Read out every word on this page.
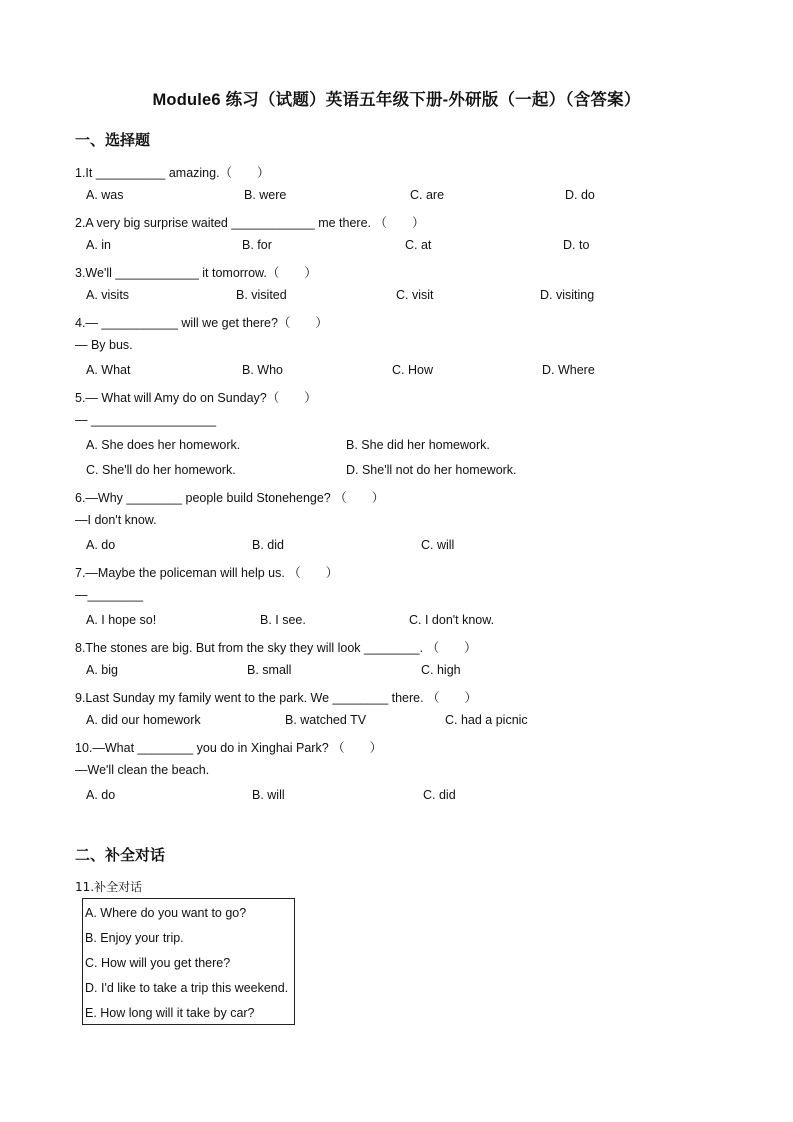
Module6 练习（试题）英语五年级下册-外研版（一起）（含答案）
一、选择题
1.It __________ amazing.（　　）
A. was	B. were	C. are	D. do
2.A very big surprise waited ____________ me there. （　　）
A. in	B. for	C. at	D. to
3.We'll ____________ it tomorrow.（　　）
A. visits	B. visited	C. visit	D. visiting
4.— ___________ will we get there?（　　）
— By bus.
A. What	B. Who	C. How	D. Where
5.— What will Amy do on Sunday?（　　）
— __________________
A. She does her homework.	B. She did her homework.
C. She'll do her homework.	D. She'll not do her homework.
6.—Why ________ people build Stonehenge? （　　）
—I don't know.
A. do	B. did	C. will
7.—Maybe the policeman will help us. （　　）
—________
A. I hope so!	B. I see.	C. I don't know.
8.The stones are big. But from the sky they will look ________. （　　）
A. big	B. small	C. high
9.Last Sunday my family went to the park. We ________ there. （　　）
A. did our homework	B. watched TV	C. had a picnic
10.—What ________ you do in Xinghai Park? （　　）
—We'll clean the beach.
A. do	B. will	C. did
二、补全对话
11.补全对话
A. Where do you want to go?
B. Enjoy your trip.
C. How will you get there?
D. I'd like to take a trip this weekend.
E. How long will it take by car?
